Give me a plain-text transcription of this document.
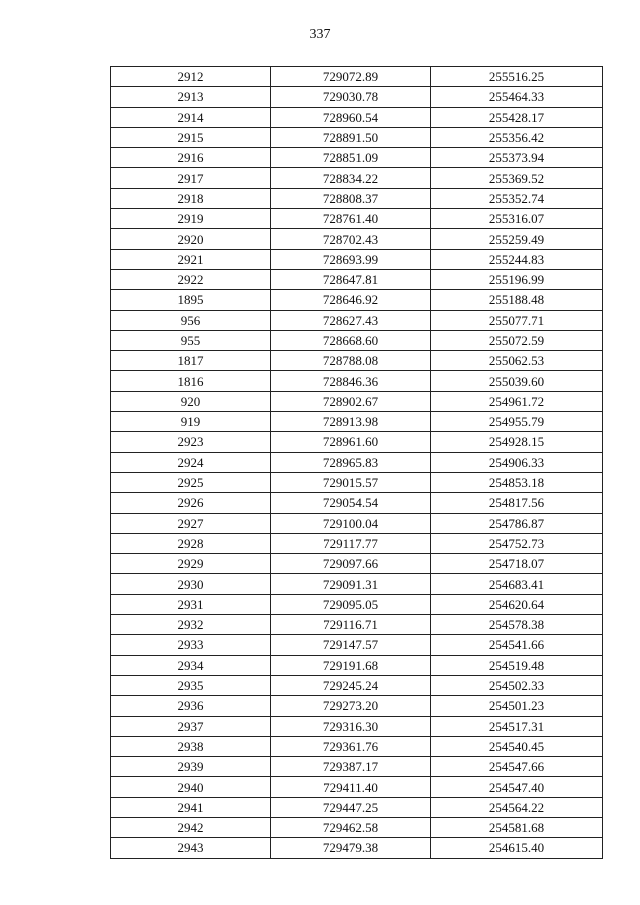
337
2912	729072.89	255516.25
2913	729030.78	255464.33
2914	728960.54	255428.17
2915	728891.50	255356.42
2916	728851.09	255373.94
2917	728834.22	255369.52
2918	728808.37	255352.74
2919	728761.40	255316.07
2920	728702.43	255259.49
2921	728693.99	255244.83
2922	728647.81	255196.99
1895	728646.92	255188.48
956	728627.43	255077.71
955	728668.60	255072.59
1817	728788.08	255062.53
1816	728846.36	255039.60
920	728902.67	254961.72
919	728913.98	254955.79
2923	728961.60	254928.15
2924	728965.83	254906.33
2925	729015.57	254853.18
2926	729054.54	254817.56
2927	729100.04	254786.87
2928	729117.77	254752.73
2929	729097.66	254718.07
2930	729091.31	254683.41
2931	729095.05	254620.64
2932	729116.71	254578.38
2933	729147.57	254541.66
2934	729191.68	254519.48
2935	729245.24	254502.33
2936	729273.20	254501.23
2937	729316.30	254517.31
2938	729361.76	254540.45
2939	729387.17	254547.66
2940	729411.40	254547.40
2941	729447.25	254564.22
2942	729462.58	254581.68
2943	729479.38	254615.40
